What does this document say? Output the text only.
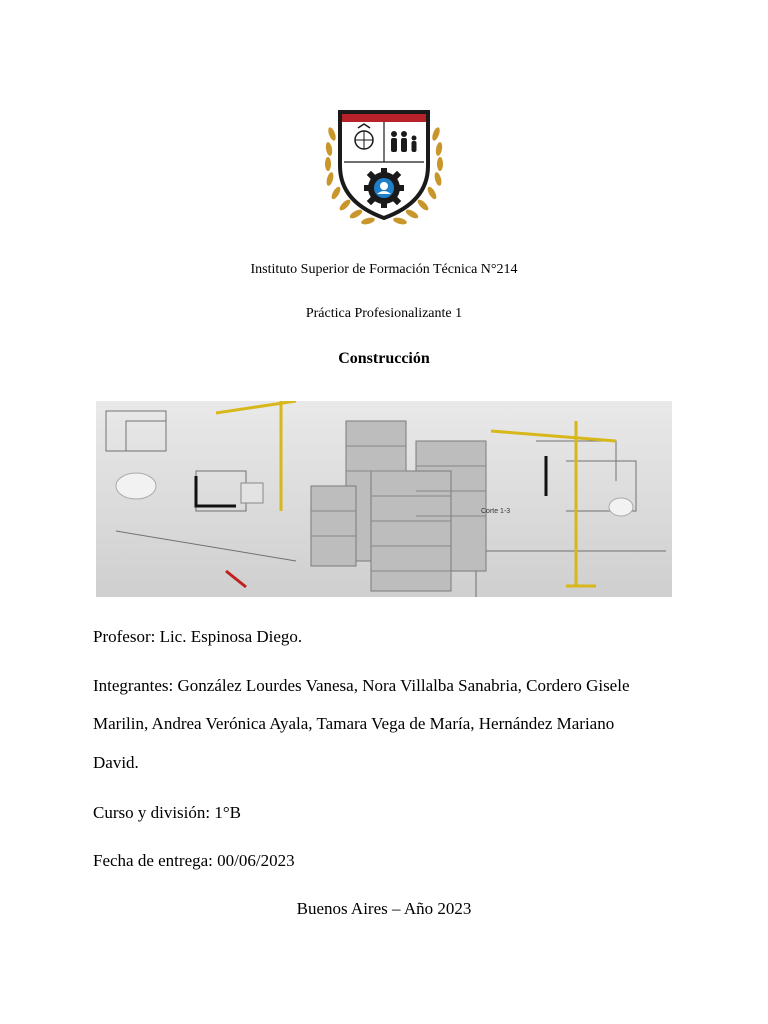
Instituto Superior de Formación Técnica N°214
Práctica Profesionalizante 1
Construcción
Corte 1-3
Profesor: Lic. Espinosa Diego.
Integrantes: González Lourdes Vanesa, Nora Villalba Sanabria, Cordero Gisele
Marilin, Andrea Verónica Ayala, Tamara Vega de María, Hernández Mariano
David.
Curso y división: 1°B
Fecha de entrega: 00/06/2023
Buenos Aires – Año 2023
